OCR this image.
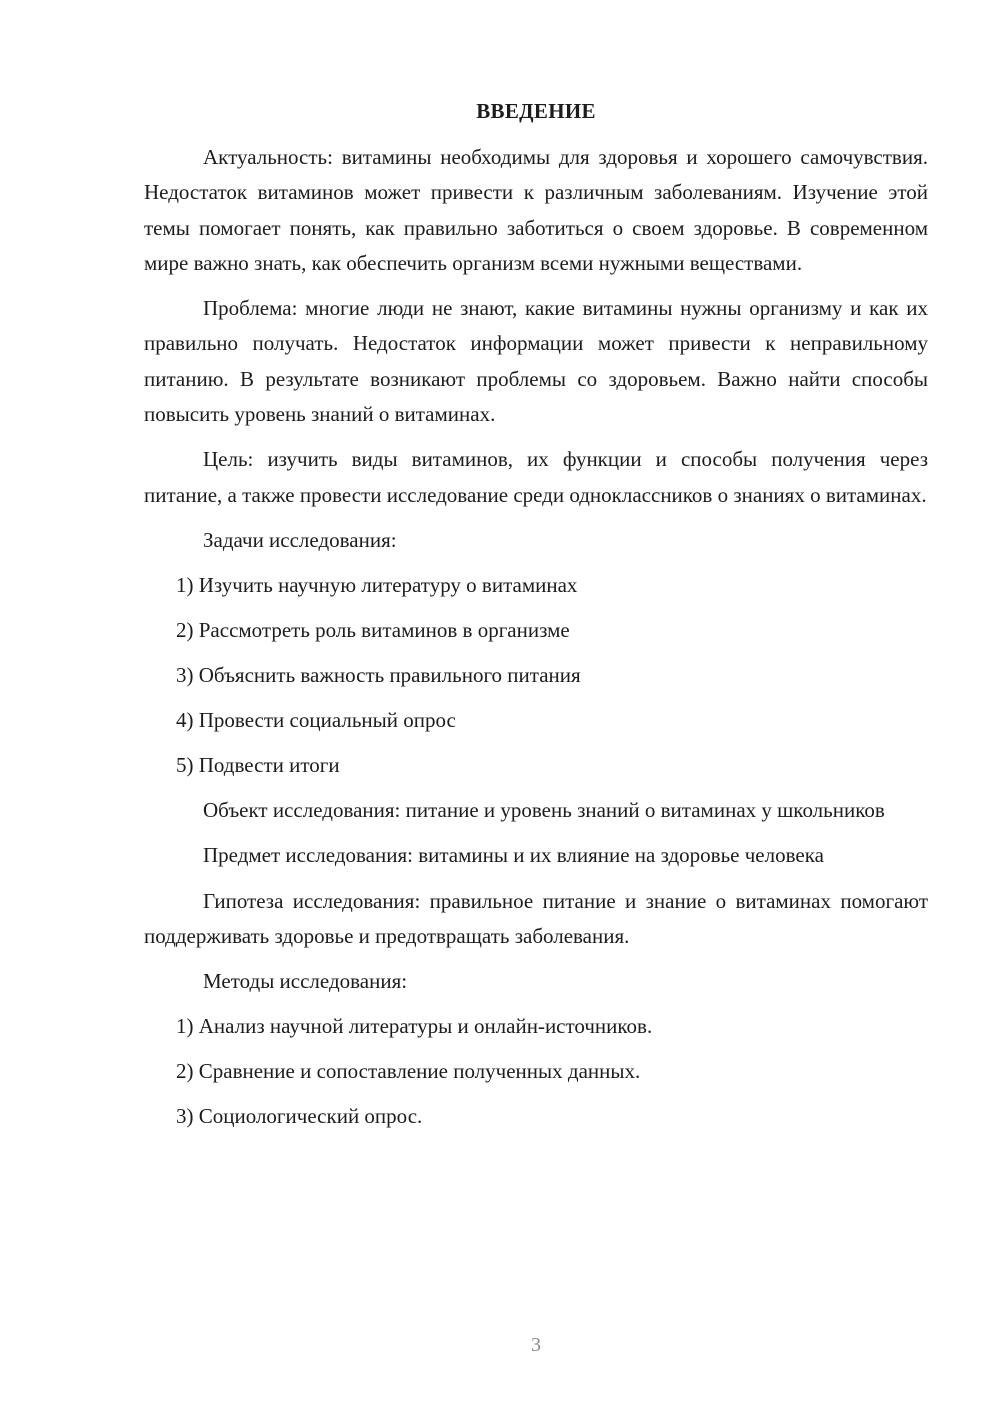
ВВЕДЕНИЕ

Актуальность: витамины необходимы для здоровья и хорошего самочувствия. Недостаток витаминов может привести к различным заболеваниям. Изучение этой темы помогает понять, как правильно заботиться о своем здоровье. В современном мире важно знать, как обеспечить организм всеми нужными веществами.

Проблема: многие люди не знают, какие витамины нужны организму и как их правильно получать. Недостаток информации может привести к неправильному питанию. В результате возникают проблемы со здоровьем. Важно найти способы повысить уровень знаний о витаминах.

Цель: изучить виды витаминов, их функции и способы получения через питание, а также провести исследование среди одноклассников о знаниях о витаминах.

Задачи исследования:

1) Изучить научную литературу о витаминах
2) Рассмотреть роль витаминов в организме
3) Объяснить важность правильного питания
4) Провести социальный опрос
5) Подвести итоги

Объект исследования: питание и уровень знаний о витаминах у школьников

Предмет исследования: витамины и их влияние на здоровье человека

Гипотеза исследования: правильное питание и знание о витаминах помогают поддерживать здоровье и предотвращать заболевания.

Методы исследования:

1) Анализ научной литературы и онлайн-источников.
2) Сравнение и сопоставление полученных данных.
3) Социологический опрос.
3
